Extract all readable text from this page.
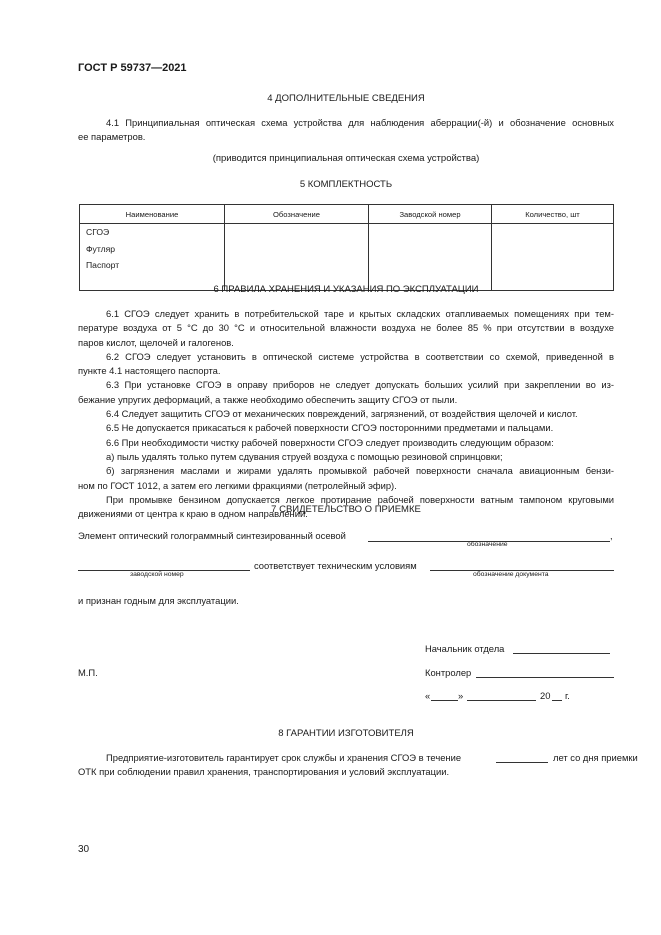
ГОСТ Р 59737—2021
4 ДОПОЛНИТЕЛЬНЫЕ СВЕДЕНИЯ
4.1 Принципиальная оптическая схема устройства для наблюдения аберрации(-й) и обозначение основных
ее параметров.
(приводится принципиальная оптическая схема устройства)
5 КОМПЛЕКТНОСТЬ
Наименование	Обозначение	Заводской номер	Количество, шт

СГОЭ
Футляр
Паспорт			

6 ПРАВИЛА ХРАНЕНИЯ И УКАЗАНИЯ ПО ЭКСПЛУАТАЦИИ
6.1 СГОЭ следует хранить в потребительской таре и крытых складских отапливаемых помещениях при тем-
пературе воздуха от 5 °С до 30 °С и относительной влажности воздуха не более 85 % при отсутствии в воздухе
паров кислот, щелочей и галогенов.
6.2 СГОЭ следует установить в оптической системе устройства в соответствии со схемой, приведенной в
пункте 4.1 настоящего паспорта.
6.3 При установке СГОЭ в оправу приборов не следует допускать больших усилий при закреплении во из-
бежание упругих деформаций, а также необходимо обеспечить защиту СГОЭ от пыли.
6.4 Следует защитить СГОЭ от механических повреждений, загрязнений, от воздействия щелочей и кислот.
6.5 Не допускается прикасаться к рабочей поверхности СГОЭ посторонними предметами и пальцами.
6.6 При необходимости чистку рабочей поверхности СГОЭ следует производить следующим образом:
а) пыль удалять только путем сдувания струей воздуха с помощью резиновой спринцовки;
б) загрязнения маслами и жирами удалять промывкой рабочей поверхности сначала авиационным бензи-
ном по ГОСТ 1012, а затем его легкими фракциями (петролейный эфир).
При промывке бензином допускается легкое протирание рабочей поверхности ватным тампоном круговыми
движениями от центра к краю в одном направлении.
7 СВИДЕТЕЛЬСТВО О ПРИЕМКЕ
Элемент оптический голограммный синтезированный осевой	,
обозначение
соответствует техническим условиям
заводской номер	обозначение документа
и признан годным для эксплуатации.
Начальник отдела
М.П.	Контролер
«	»	20 г.
8 ГАРАНТИИ ИЗГОТОВИТЕЛЯ
Предприятие-изготовитель гарантирует срок службы и хранения СГОЭ в течение	лет со дня приемки
ОТК при соблюдении правил хранения, транспортирования и условий эксплуатации.
30
